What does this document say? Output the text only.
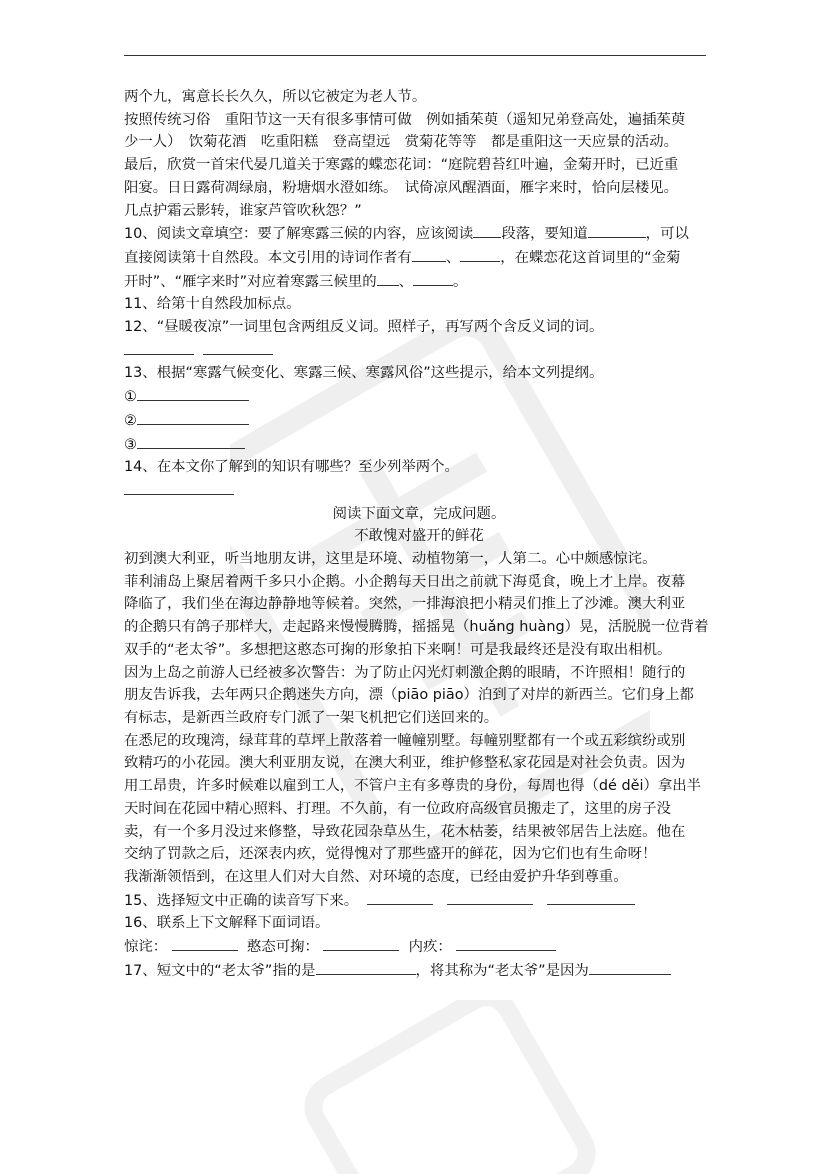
两个九，寓意长长久久，所以它被定为老人节。

按照传统习俗　重阳节这一天有很多事情可做　例如插茱萸（遥知兄弟登高处，遍插茱萸

少一人）　饮菊花酒　吃重阳糕　登高望远　赏菊花等等　都是重阳这一天应景的活动。

最后，欣赏一首宋代晏几道关于寒露的蝶恋花词：“庭院碧苔红叶遍，金菊开时，已近重

阳宴。日日露荷凋绿扇，粉塘烟水澄如练。　试倚凉风醒酒面，雁字来时，恰向层楼见。

几点护霜云影转，谁家芦管吹秋怨？”

10、阅读文章填空：要了解寒露三候的内容，应该阅读 段落，要知道	，可以

直接阅读第十自然段。本文引用的诗词作者有 、	，在蝶恋花这首词里的“金菊

开时”、“雁字来时”对应着寒露三候里的 、	。

11、给第十自然段加标点。

12、“昼暖夜凉”一词里包含两组反义词。照样子，再写两个含反义词的词。

13、根据“寒露气候变化、寒露三候、寒露风俗”这些提示，给本文列提纲。

①

②

③

14、在本文你了解到的知识有哪些？至少列举两个。

阅读下面文章，完成问题。

不敢愧对盛开的鲜花

初到澳大利亚，听当地朋友讲，这里是环境、动植物第一，人第二。心中颇感惊诧。

菲利浦岛上聚居着两千多只小企鹅。小企鹅每天日出之前就下海觅食，晚上才上岸。夜幕

降临了，我们坐在海边静静地等候着。突然，一排海浪把小精灵们推上了沙滩。澳大利亚

的企鹅只有鸽子那样大，走起路来慢慢腾腾，摇摇晃（huǎng huàng）晃，活脱脱一位背着

双手的“老太爷”。多想把这憨态可掬的形象拍下来啊！可是我最终还是没有取出相机。

因为上岛之前游人已经被多次警告：为了防止闪光灯刺激企鹅的眼睛，不许照相！随行的

朋友告诉我，去年两只企鹅迷失方向，漂（piāo piāo）泊到了对岸的新西兰。它们身上都

有标志，是新西兰政府专门派了一架飞机把它们送回来的。

在悉尼的玫瑰湾，绿茸茸的草坪上散落着一幢幢别墅。每幢别墅都有一个或五彩缤纷或别

致精巧的小花园。澳大利亚朋友说，在澳大利亚，维护修整私家花园是对社会负责。因为

用工昂贵，许多时候难以雇到工人，不管户主有多尊贵的身份，每周也得（dé děi）拿出半

天时间在花园中精心照料、打理。不久前，有一位政府高级官员搬走了，这里的房子没

卖，有一个多月没过来修整，导致花园杂草丛生，花木枯萎，结果被邻居告上法庭。他在

交纳了罚款之后，还深表内疚，觉得愧对了那些盛开的鲜花，因为它们也有生命呀！

我渐渐领悟到，在这里人们对大自然、对环境的态度，已经由爱护升华到尊重。

15、选择短文中正确的读音写下来。

16、联系上下文解释下面词语。

惊诧：	憨态可掬：	内疚：

17、短文中的“老太爷”指的是	，将其称为“老太爷”是因为
